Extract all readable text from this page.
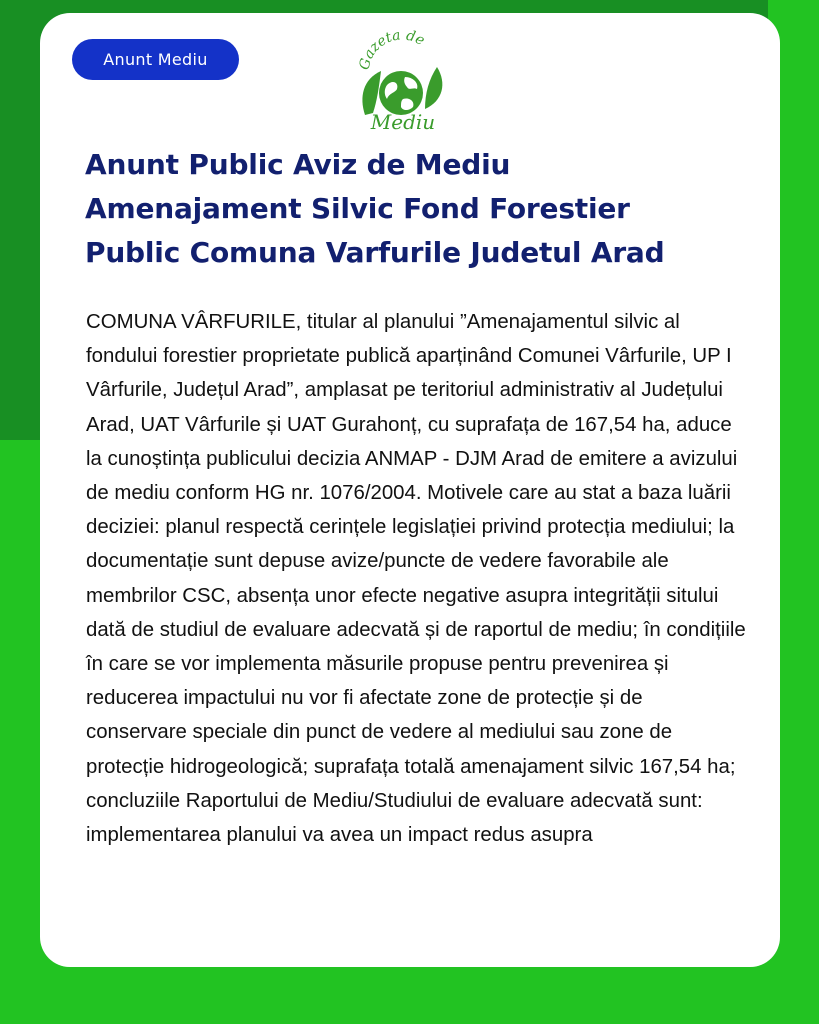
Anunt Mediu	Gazeta de
Mediu
Anunt Public Aviz de Mediu
Amenajament Silvic Fond Forestier
Public Comuna Varfurile Judetul Arad

COMUNA VÂRFURILE, titular al planului ”Amenajamentul silvic al fondului forestier proprietate publică aparținând Comunei Vârfurile, UP I Vârfurile, Județul Arad”, amplasat pe teritoriul administrativ al Județului Arad, UAT Vârfurile și UAT Gurahonț, cu suprafața de 167,54 ha, aduce la cunoștința publicului decizia ANMAP - DJM Arad de emitere a avizului de mediu conform HG nr. 1076/2004. Motivele care au stat a baza luării deciziei: planul respectă cerințele legislației privind protecția mediului; la documentație sunt depuse avize/puncte de vedere favorabile ale membrilor CSC, absența unor efecte negative asupra integrității sitului dată de studiul de evaluare adecvată și de raportul de mediu; în condițiile în care se vor implementa măsurile propuse pentru prevenirea și reducerea impactului nu vor fi afectate zone de protecție și de conservare speciale din punct de vedere al mediului sau zone de protecție hidrogeologică; suprafața totală amenajament silvic 167,54 ha; concluziile Raportului de Mediu/Studiului de evaluare adecvată sunt: implementarea planului va avea un impact redus asupra
